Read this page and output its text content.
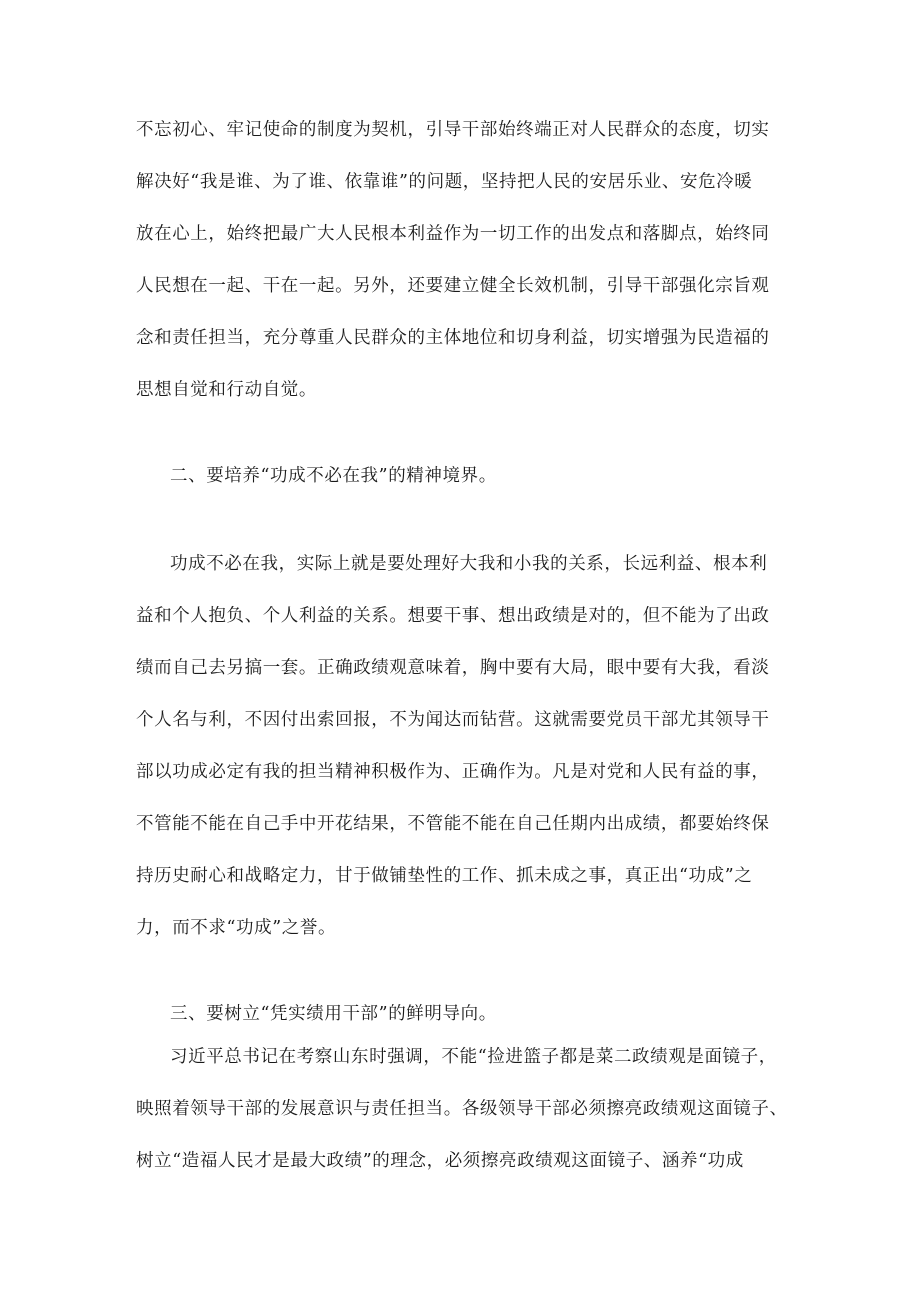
不忘初心、牢记使命的制度为契机，引导干部始终端正对人民群众的态度，切实
解决好“我是谁、为了谁、依靠谁”的问题，坚持把人民的安居乐业、安危冷暖
放在心上，始终把最广大人民根本利益作为一切工作的出发点和落脚点，始终同
人民想在一起、干在一起。另外，还要建立健全长效机制，引导干部强化宗旨观
念和责任担当，充分尊重人民群众的主体地位和切身利益，切实增强为民造福的
思想自觉和行动自觉。
二、要培养“功成不必在我”的精神境界。
功成不必在我，实际上就是要处理好大我和小我的关系，长远利益、根本利
益和个人抱负、个人利益的关系。想要干事、想出政绩是对的，但不能为了出政
绩而自己去另搞一套。正确政绩观意味着，胸中要有大局，眼中要有大我，看淡
个人名与利，不因付出索回报，不为闻达而钻营。这就需要党员干部尤其领导干
部以功成必定有我的担当精神积极作为、正确作为。凡是对党和人民有益的事，
不管能不能在自己手中开花结果，不管能不能在自己任期内出成绩，都要始终保
持历史耐心和战略定力，甘于做铺垫性的工作、抓未成之事，真正出“功成”之
力，而不求“功成”之誉。
三、要树立“凭实绩用干部”的鲜明导向。
习近平总书记在考察山东时强调，不能“捡进篮子都是菜二政绩观是面镜子，
映照着领导干部的发展意识与责任担当。各级领导干部必须擦亮政绩观这面镜子、
树立“造福人民才是最大政绩”的理念，必须擦亮政绩观这面镜子、涵养“功成
